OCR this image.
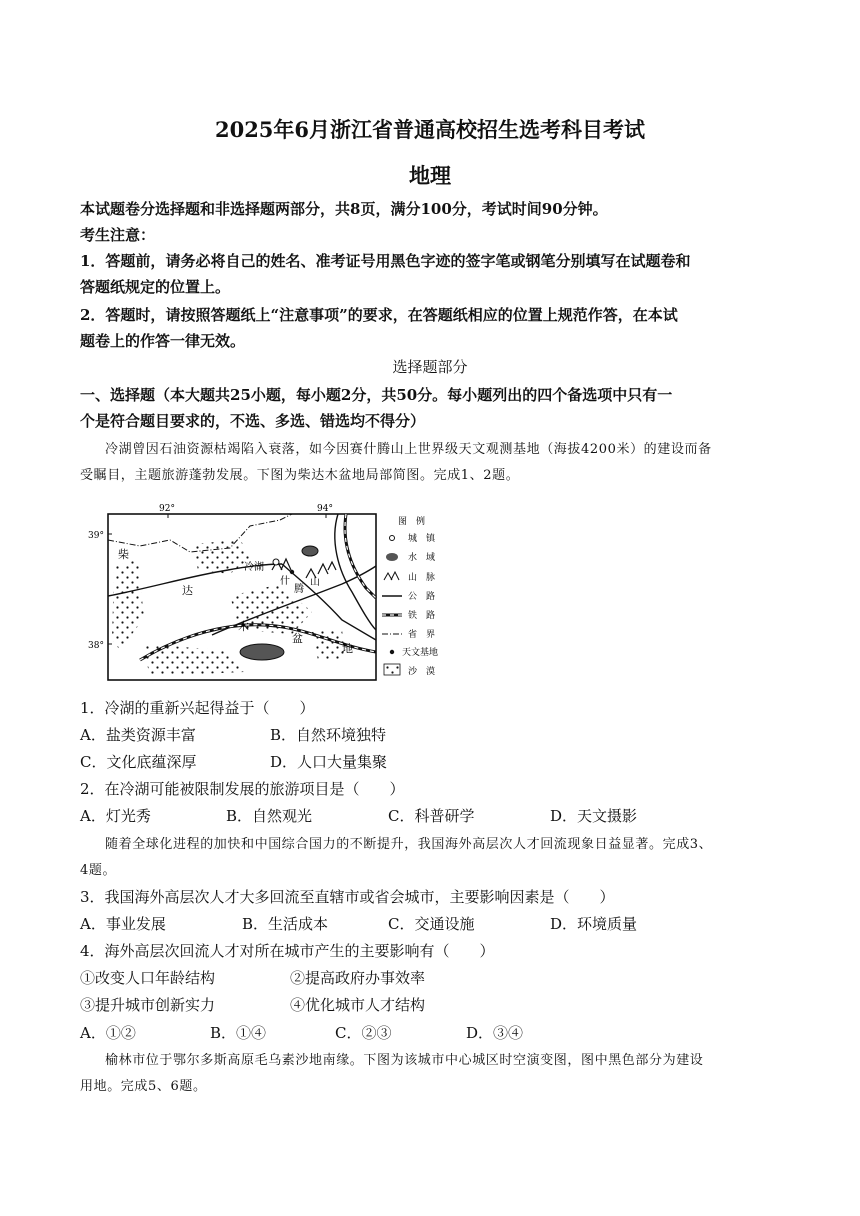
2025年6月浙江省普通高校招生选考科目考试
地理
本试题卷分选择题和非选择题两部分，共8页，满分100分，考试时间90分钟。
考生注意：
1．答题前，请务必将自己的姓名、准考证号用黑色字迹的签字笔或钢笔分别填写在试题卷和
答题纸规定的位置上。
2．答题时，请按照答题纸上“注意事项”的要求，在答题纸相应的位置上规范作答，在本试
题卷上的作答一律无效。
选择题部分
一、选择题（本大题共25小题，每小题2分，共50分。每小题列出的四个备选项中只有一
个是符合题目要求的，不选、多选、错选均不得分）
冷湖曾因石油资源枯竭陷入衰落，如今因赛什腾山上世界级天文观测基地（海拔4200米）的建设而备
受瞩目，主题旅游蓬勃发展。下图为柴达木盆地局部简图。完成1、2题。
92°	94°
39°
38°
冷湖
什
腾
山
柴
达
木
盆
地
图　例
城　镇
水　域
山　脉
公　路
铁　路
省　界
天文基地
沙　漠
1．冷湖的重新兴起得益于（　　）
A．盐类资源丰富	B．自然环境独特
C．文化底蕴深厚	D．人口大量集聚
2．在冷湖可能被限制发展的旅游项目是（　　）
A．灯光秀	B．自然观光	C．科普研学	D．天文摄影
随着全球化进程的加快和中国综合国力的不断提升，我国海外高层次人才回流现象日益显著。完成3、
4题。
3．我国海外高层次人才大多回流至直辖市或省会城市，主要影响因素是（　　）
A．事业发展	B．生活成本	C．交通设施	D．环境质量
4．海外高层次回流人才对所在城市产生的主要影响有（　　）
①改变人口年龄结构	②提高政府办事效率
③提升城市创新实力	④优化城市人才结构
A．①②	B．①④	C．②③	D．③④
榆林市位于鄂尔多斯高原毛乌素沙地南缘。下图为该城市中心城区时空演变图，图中黑色部分为建设
用地。完成5、6题。
